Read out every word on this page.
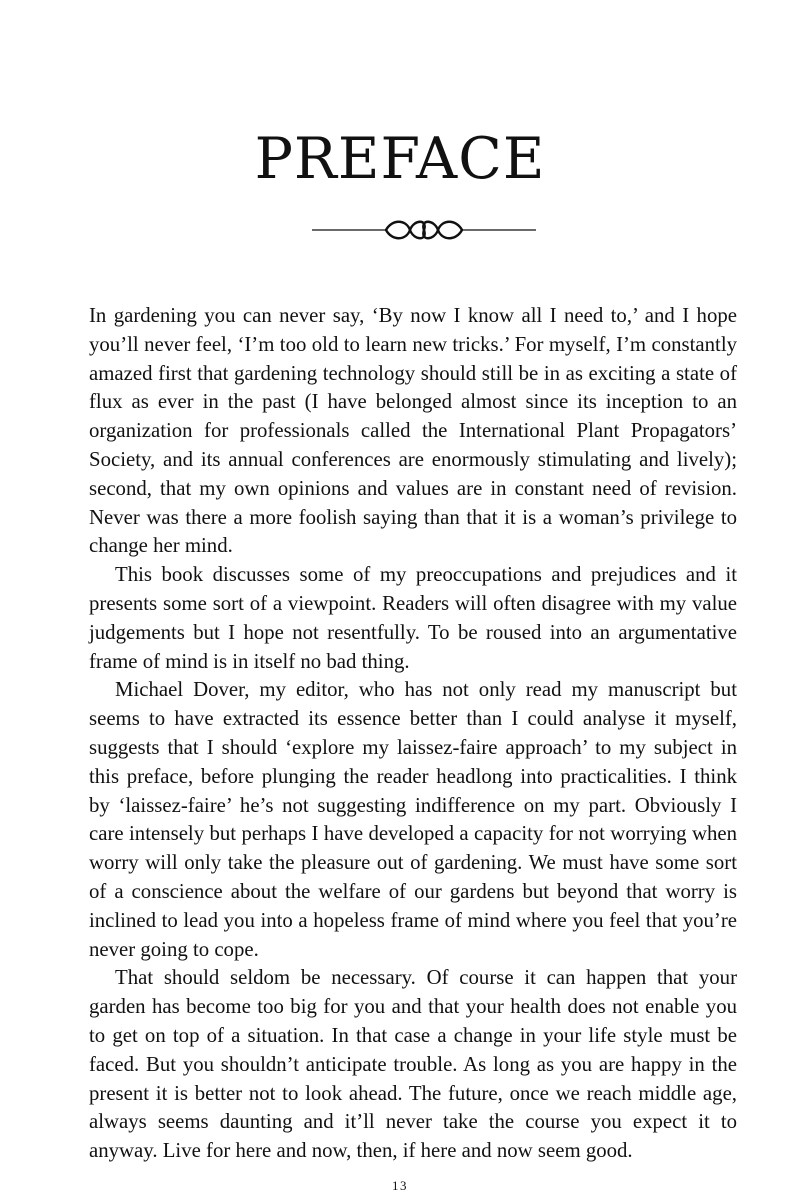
PREFACE

In gardening you can never say, ‘By now I know all I need to,’ and I hope you’ll never feel, ‘I’m too old to learn new tricks.’ For myself, I’m constantly amazed first that gardening technology should still be in as exciting a state of flux as ever in the past (I have belonged almost since its inception to an organization for professionals called the International Plant Propagators’ Society, and its annual conferences are enormously stimulating and lively); second, that my own opinions and values are in constant need of revision. Never was there a more foolish saying than that it is a woman’s privilege to change her mind.

This book discusses some of my preoccupations and prejudices and it presents some sort of a viewpoint. Readers will often disagree with my value judgements but I hope not resentfully. To be roused into an argumentative frame of mind is in itself no bad thing.

Michael Dover, my editor, who has not only read my manuscript but seems to have extracted its essence better than I could analyse it myself, suggests that I should ‘explore my laissez-faire approach’ to my subject in this preface, before plunging the reader headlong into practicalities. I think by ‘laissez-faire’ he’s not suggesting indifference on my part. Obviously I care intensely but perhaps I have developed a capacity for not worrying when worry will only take the pleasure out of gardening. We must have some sort of a conscience about the welfare of our gardens but beyond that worry is inclined to lead you into a hopeless frame of mind where you feel that you’re never going to cope.

That should seldom be necessary. Of course it can happen that your garden has become too big for you and that your health does not enable you to get on top of a situation. In that case a change in your life style must be faced. But you shouldn’t anticipate trouble. As long as you are happy in the present it is better not to look ahead. The future, once we reach middle age, always seems daunting and it’ll never take the course you expect it to anyway. Live for here and now, then, if here and now seem good.

13
